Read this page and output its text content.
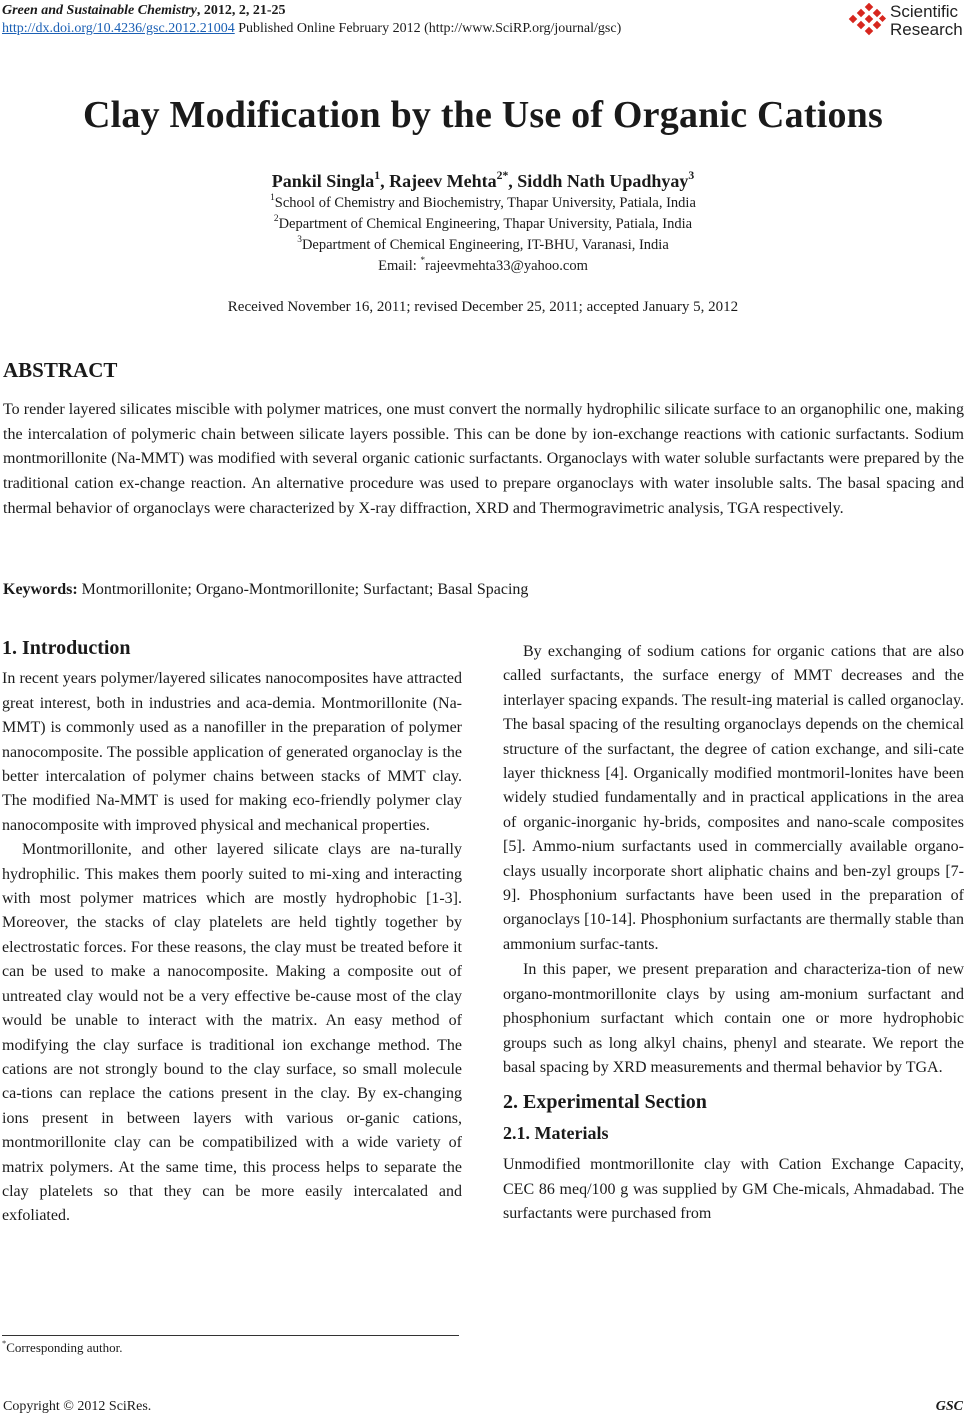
Green and Sustainable Chemistry, 2012, 2, 21-25
http://dx.doi.org/10.4236/gsc.2012.21004 Published Online February 2012 (http://www.SciRP.org/journal/gsc)
Scientific
Research
Clay Modification by the Use of Organic Cations
Pankil Singla$^1$, Rajeev Mehta$^{2*}$, Siddh Nath Upadhyay$^3$
$^1$School of Chemistry and Biochemistry, Thapar University, Patiala, India
$^2$Department of Chemical Engineering, Thapar University, Patiala, India
$^3$Department of Chemical Engineering, IT-BHU, Varanasi, India
Email: *rajeevmehta33@yahoo.com
Received November 16, 2011; revised December 25, 2011; accepted January 5, 2012
ABSTRACT
To render layered silicates miscible with polymer matrices, one must convert the normally hydrophilic silicate surface to an organophilic one, making the intercalation of polymeric chain between silicate layers possible. This can be done by ion-exchange reactions with cationic surfactants. Sodium montmorillonite (Na-MMT) was modified with several organic cationic surfactants. Organoclays with water soluble surfactants were prepared by the traditional cation ex-change reaction. An alternative procedure was used to prepare organoclays with water insoluble salts. The basal spacing and thermal behavior of organoclays were characterized by X-ray diffraction, XRD and Thermogravimetric analysis, TGA respectively.
Keywords: Montmorillonite; Organo-Montmorillonite; Surfactant; Basal Spacing
1. Introduction

In recent years polymer/layered silicates nanocomposites have attracted great interest, both in industries and aca-demia. Montmorillonite (Na-MMT) is commonly used as a nanofiller in the preparation of polymer nanocomposite. The possible application of generated organoclay is the better intercalation of polymer chains between stacks of MMT clay. The modified Na-MMT is used for making eco-friendly polymer clay nanocomposite with improved physical and mechanical properties.

Montmorillonite, and other layered silicate clays are na-turally hydrophilic. This makes them poorly suited to mi-xing and interacting with most polymer matrices which are mostly hydrophobic [1-3]. Moreover, the stacks of clay platelets are held tightly together by electrostatic forces. For these reasons, the clay must be treated before it can be used to make a nanocomposite. Making a composite out of untreated clay would not be a very effective be-cause most of the clay would be unable to interact with the matrix. An easy method of modifying the clay surface is traditional ion exchange method. The cations are not strongly bound to the clay surface, so small molecule ca-tions can replace the cations present in the clay. By ex-changing ions present in between layers with various or-ganic cations, montmorillonite clay can be compatibilized with a wide variety of matrix polymers. At the same time, this process helps to separate the clay platelets so that they can be more easily intercalated and exfoliated.

By exchanging of sodium cations for organic cations that are also called surfactants, the surface energy of MMT decreases and the interlayer spacing expands. The result-ing material is called organoclay. The basal spacing of the resulting organoclays depends on the chemical structure of the surfactant, the degree of cation exchange, and sili-cate layer thickness [4]. Organically modified montmoril-lonites have been widely studied fundamentally and in practical applications in the area of organic-inorganic hy-brids, composites and nano-scale composites [5]. Ammo-nium surfactants used in commercially available organo-clays usually incorporate short aliphatic chains and ben-zyl groups [7-9]. Phosphonium surfactants have been used in the preparation of organoclays [10-14]. Phosphonium surfactants are thermally stable than ammonium surfac-tants.

In this paper, we present preparation and characteriza-tion of new organo-montmorillonite clays by using am-monium surfactant and phosphonium surfactant which contain one or more hydrophobic groups such as long alkyl chains, phenyl and stearate. We report the basal spacing by XRD measurements and thermal behavior by TGA.

2. Experimental Section
2.1. Materials

Unmodified montmorillonite clay with Cation Exchange Capacity, CEC 86 meq/100 g was supplied by GM Che-micals, Ahmadabad. The surfactants were purchased from

*Corresponding author.
Copyright © 2012 SciRes.	GSC
